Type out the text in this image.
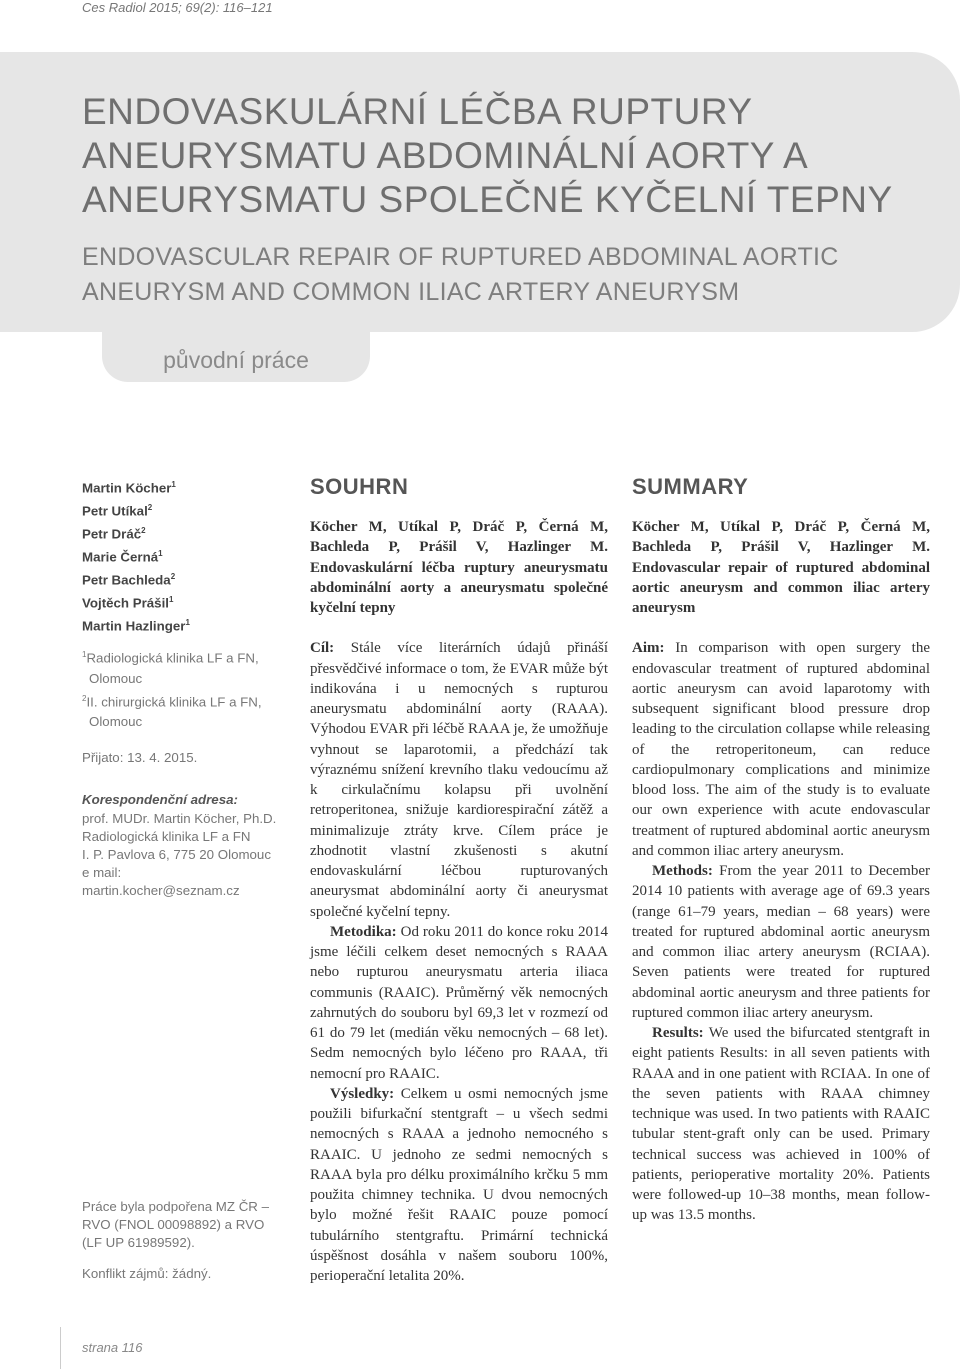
Ces Radiol 2015; 69(2): 116–121
ENDOVASKULÁRNÍ LÉČBA RUPTURY ANEURYSMATU ABDOMINÁLNÍ AORTY A ANEURYSMATU SPOLEČNÉ KYČELNÍ TEPNY
ENDOVASCULAR REPAIR OF RUPTURED ABDOMINAL AORTIC ANEURYSM AND COMMON ILIAC ARTERY ANEURYSM
původní práce
Martin Köcher$^1$
Petr Utíkal$^2$
Petr Dráč$^2$
Marie Černá$^1$
Petr Bachleda$^2$
Vojtěch Prášil$^1$
Martin Hazlinger$^1$
$^1$Radiologická klinika LF a FN,
Olomouc
$^2$II. chirurgická klinika LF a FN,
Olomouc
Přijato: 13. 4. 2015.
Korespondenční adresa:
prof. MUDr. Martin Köcher, Ph.D.
Radiologická klinika LF a FN
I. P. Pavlova 6, 775 20 Olomouc
e mail: martin.kocher@seznam.cz
Práce byla podpořena MZ ČR – RVO (FNOL 00098892) a RVO (LF UP 61989592).
Konflikt zájmů: žádný.
SOUHRN
Köcher M, Utíkal P, Dráč P, Černá M, Bachleda P, Prášil V, Hazlinger M. Endovaskulární léčba ruptury aneurysmatu abdominální aorty a aneurysmatu společné kyčelní tepny

Cíl: Stále více literárních údajů přináší přesvědčivé informace o tom, že EVAR může být indikována i u nemocných s rupturou aneurysmatu abdominální aorty (RAAA). Výhodou EVAR při léčbě RAAA je, že umožňuje vyhnout se laparotomii, a předchází tak výraznému snížení krevního tlaku vedoucímu až k cirkulačnímu kolapsu při uvolnění retroperitonea, snižuje kardiorespirační zátěž a minimalizuje ztráty krve. Cílem práce je zhodnotit vlastní zkušenosti s akutní endovaskulární léčbou rupturovaných aneurysmat abdominální aorty či aneurysmat společné kyčelní tepny.

Metodika: Od roku 2011 do konce roku 2014 jsme léčili celkem deset nemocných s RAAA nebo rupturou aneurysmatu arteria iliaca communis (RAAIC). Průměrný věk nemocných zahrnutých do souboru byl 69,3 let v rozmezí od 61 do 79 let (medián věku nemocných – 68 let). Sedm nemocných bylo léčeno pro RAAA, tři nemocní pro RAAIC.

Výsledky: Celkem u osmi nemocných jsme použili bifurkační stentgraft – u všech sedmi nemocných s RAAA a jednoho nemocného s RAAIC. U jednoho ze sedmi nemocných s RAAA byla pro délku proximálního krčku 5 mm použita chimney technika. U dvou nemocných bylo možné řešit RAAIC pouze pomocí tubulárního stentgraftu. Primární technická úspěšnost dosáhla v našem souboru 100%, perioperační letalita 20%.

SUMMARY
Köcher M, Utíkal P, Dráč P, Černá M, Bachleda P, Prášil V, Hazlinger M. Endovascular repair of ruptured abdominal aortic aneurysm and common iliac artery aneurysm

Aim: In comparison with open surgery the endovascular treatment of ruptured abdominal aortic aneurysm can avoid laparotomy with subsequent significant blood pressure drop leading to the circulation collapse while releasing of the retroperitoneum, can reduce cardiopulmonary complications and minimize blood loss. The aim of the study is to evaluate our own experience with acute endovascular treatment of ruptured abdominal aortic aneurysm and common iliac artery aneurysm.

Methods: From the year 2011 to December 2014 10 patients with average age of 69.3 years (range 61–79 years, median – 68 years) were treated for ruptured abdominal aortic aneurysm and common iliac artery aneurysm (RCIAA). Seven patients were treated for ruptured abdominal aortic aneurysm and three patients for ruptured common iliac artery aneurysm.

Results: We used the bifurcated stentgraft in eight patients Results: in all seven patients with RAAA and in one patient with RCIAA. In one of the seven patients with RAAA chimney technique was used. In two patients with RAAIC tubular stent-graft only can be used. Primary technical success was achieved in 100% of patients, perioperative mortality 20%. Patients were followed-up 10–38 months, mean follow-up was 13.5 months.

strana 116
